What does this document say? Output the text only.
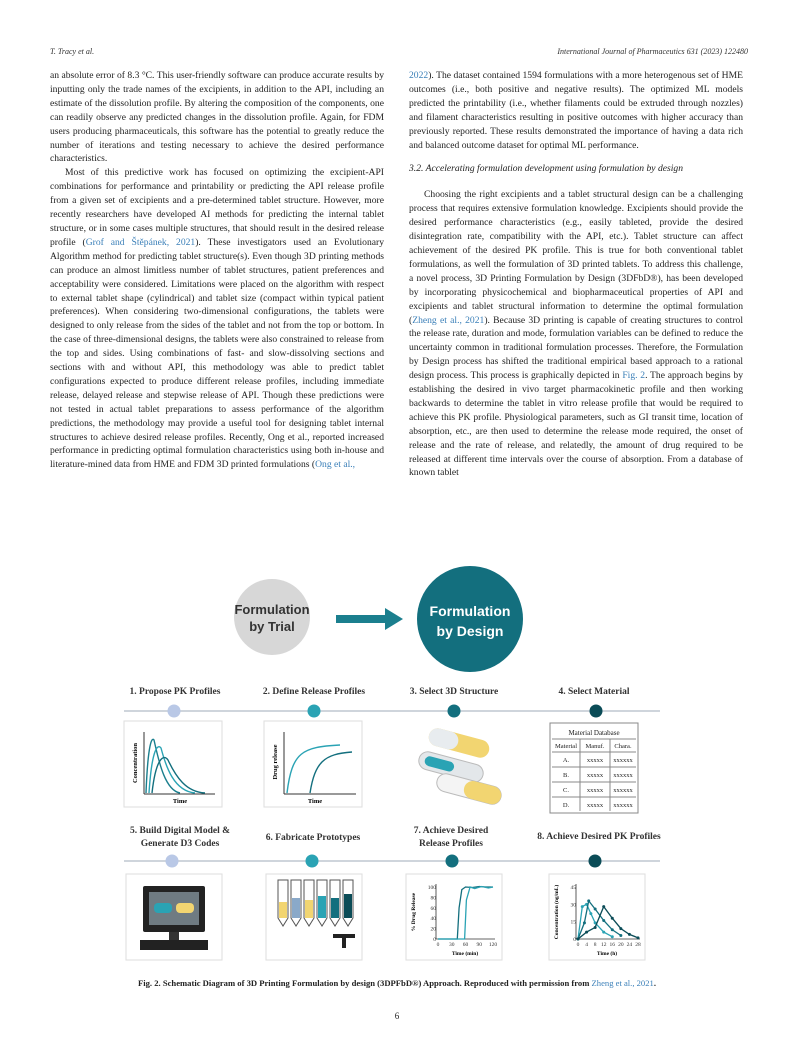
T. Tracy et al.	International Journal of Pharmaceutics 631 (2023) 122480

an absolute error of 8.3 °C. This user-friendly software can produce accurate results by inputting only the trade names of the excipients, in addition to the API, including an estimate of the dissolution profile. By altering the composition of the components, one can readily observe any predicted changes in the dissolution profile. Again, for FDM users producing pharmaceuticals, this software has the potential to greatly reduce the number of iterations and testing necessary to achieve the desired performance characteristics.

Most of this predictive work has focused on optimizing the excipient-API combinations for performance and printability or predicting the API release profile from a given set of excipients and a pre-determined tablet structure. However, more recently researchers have developed AI methods for predicting the internal tablet structure, or in some cases multiple structures, that should result in the desired release profile (Grof and Štěpánek, 2021). These investigators used an Evolutionary Algorithm method for predicting tablet structure(s). Even though 3D printing methods can produce an almost limitless number of tablet structures, patient preferences and acceptability were considered. Limitations were placed on the algorithm with respect to external tablet shape (cylindrical) and tablet size (compact within typical patient preferences). When considering two-dimensional configurations, the tablets were designed to only release from the sides of the tablet and not from the top or bottom. In the case of three-dimensional designs, the tablets were also constrained to release from the top and sides. Using combinations of fast- and slow-dissolving sections and sections with and without API, this methodology was able to predict tablet configurations expected to produce different release profiles, including immediate release, delayed release and stepwise release of API. Though these predictions were not tested in actual tablet preparations to assess performance of the algorithm predictions, the methodology may provide a useful tool for designing tablet internal structures to achieve desired release profiles. Recently, Ong et al., reported increased performance in predicting optimal formulation characteristics using both in-house and literature-mined data from HME and FDM 3D printed formulations (Ong et al.,

2022). The dataset contained 1594 formulations with a more heterogenous set of HME outcomes (i.e., both positive and negative results). The optimized ML models predicted the printability (i.e., whether filaments could be extruded through nozzles) and filament characteristics resulting in positive outcomes with higher accuracy than previously reported. These results demonstrated the importance of having a data rich and balanced outcome dataset for optimal ML performance.

3.2. Accelerating formulation development using formulation by design

Choosing the right excipients and a tablet structural design can be a challenging process that requires extensive formulation knowledge. Excipients should provide the desired performance characteristics (e.g., easily tableted, provide the desired disintegration rate, compatibility with the API, etc.). Tablet structure can affect achievement of the desired PK profile. This is true for both conventional tablet formulations, as well the formulation of 3D printed tablets. To address this challenge, a novel process, 3D Printing Formulation by Design (3DFbD®), has been developed by incorporating physicochemical and biopharmaceutical properties of API and excipients and tablet structural information to determine the optimal formulation (Zheng et al., 2021). Because 3D printing is capable of creating structures to control the release rate, duration and mode, formulation variables can be defined to reduce the uncertainty common in traditional formulation processes. Therefore, the Formulation by Design process has shifted the traditional empirical based approach to a rational design process. This process is graphically depicted in Fig. 2. The approach begins by establishing the desired in vivo target pharmacokinetic profile and then working backwards to determine the tablet in vitro release profile that would be required to achieve this PK profile. Physiological parameters, such as GI transit time, location of absorption, etc., are then used to determine the release mode required, the onset of release and the rate of release, and relatedly, the amount of drug required to be released at different time intervals over the course of absorption. From a database of known tablet

Formulation
by Trial
Formulation
by Design
1. Propose PK Profiles	2. Define Release Profiles	3. Select 3D Structure	4. Select Material
Concentration
Time
Drug release
Time
Material Database
Material Manuf. Chara.
A.	xxxxx xxxxxx
B.	xxxxx xxxxxx
C.	xxxxx xxxxxx
D.	xxxxx xxxxxx
5. Build Digital Model &
Generate D3 Codes
6. Fabricate Prototypes
7. Achieve Desired
Release Profiles
8. Achieve Desired PK Profiles
0
20
40
60
80
100
0 30 60 90 120
% Drug Release
Time (min)
0
15
30
45
0 4 8 12 16 20 24 28
Concentration (ng/mL)
Time (h)
Fig. 2. Schematic Diagram of 3D Printing Formulation by design (3DPFbD®) Approach. Reproduced with permission from Zheng et al., 2021.
6
